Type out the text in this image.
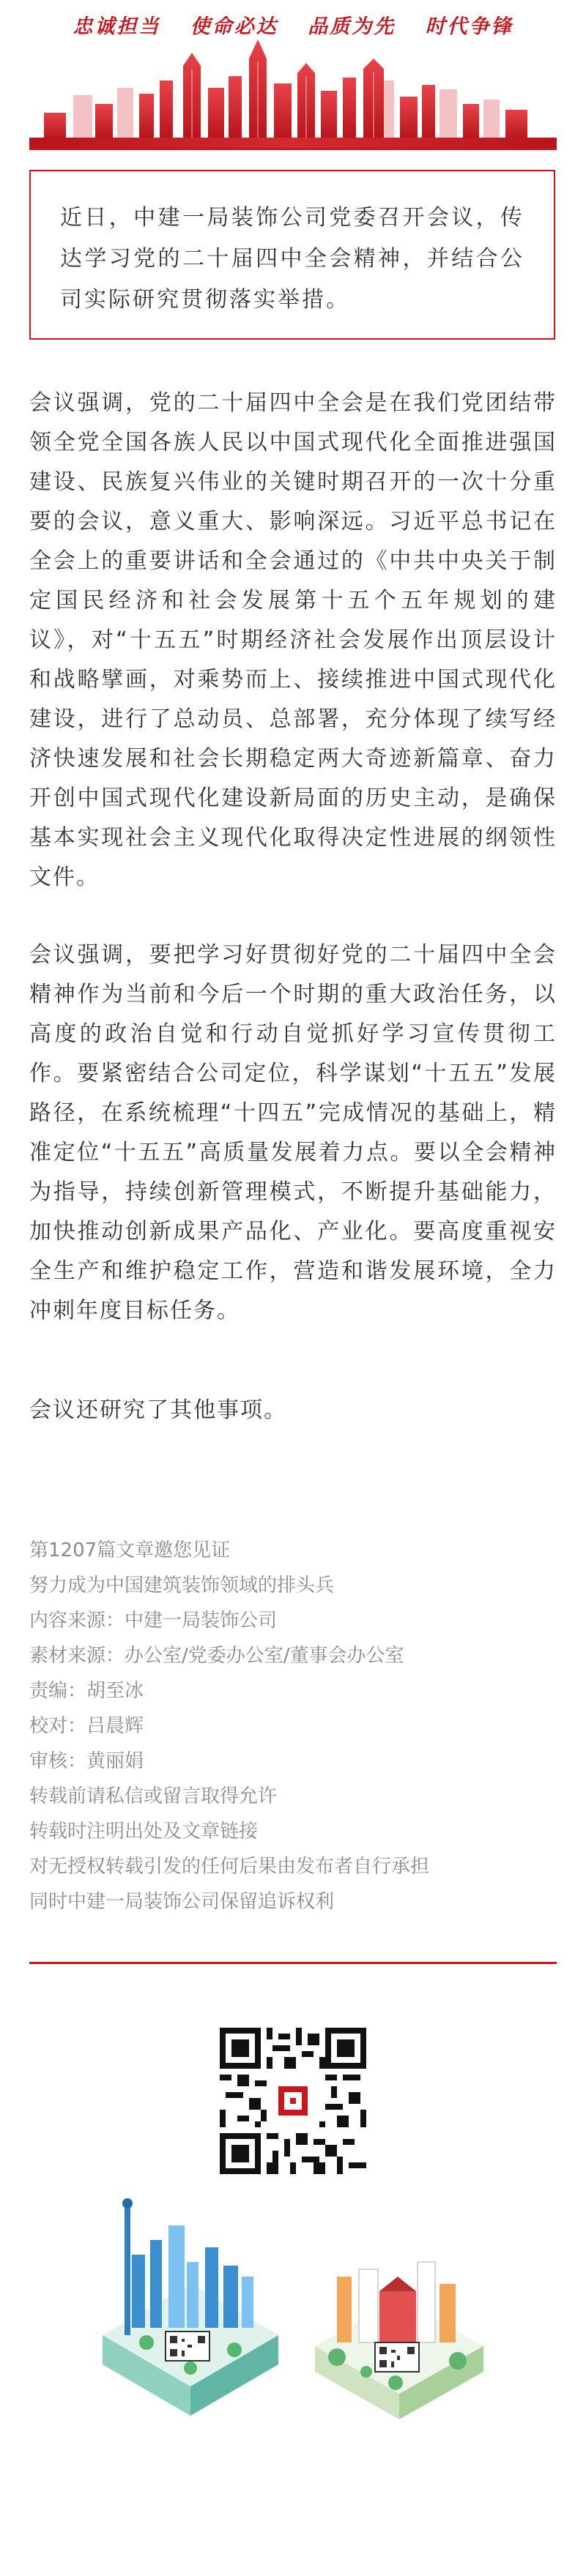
忠诚担当 使命必达 品质为先 时代争锋

近日，中建一局装饰公司党委召开会议，传达学习党的二十届四中全会精神，并结合公司实际研究贯彻落实举措。

会议强调，党的二十届四中全会是在我们党团结带领全党全国各族人民以中国式现代化全面推进强国建设、民族复兴伟业的关键时期召开的一次十分重要的会议，意义重大、影响深远。习近平总书记在全会上的重要讲话和全会通过的《中共中央关于制定国民经济和社会发展第十五个五年规划的建议》，对“十五五”时期经济社会发展作出顶层设计和战略擘画，对乘势而上、接续推进中国式现代化建设，进行了总动员、总部署，充分体现了续写经济快速发展和社会长期稳定两大奇迹新篇章、奋力开创中国式现代化建设新局面的历史主动，是确保基本实现社会主义现代化取得决定性进展的纲领性文件。

会议强调，要把学习好贯彻好党的二十届四中全会精神作为当前和今后一个时期的重大政治任务，以高度的政治自觉和行动自觉抓好学习宣传贯彻工作。要紧密结合公司定位，科学谋划“十五五”发展路径，在系统梳理“十四五”完成情况的基础上，精准定位“十五五”高质量发展着力点。要以全会精神为指导，持续创新管理模式，不断提升基础能力，加快推动创新成果产品化、产业化。要高度重视安全生产和维护稳定工作，营造和谐发展环境，全力冲刺年度目标任务。

会议还研究了其他事项。

第1207篇文章邀您见证
努力成为中国建筑装饰领域的排头兵
内容来源：中建一局装饰公司
素材来源：办公室/党委办公室/董事会办公室
责编：胡至冰
校对：吕晨辉
审核：黄丽娟
转载前请私信或留言取得允许
转载时注明出处及文章链接
对无授权转载引发的任何后果由发布者自行承担
同时中建一局装饰公司保留追诉权利
